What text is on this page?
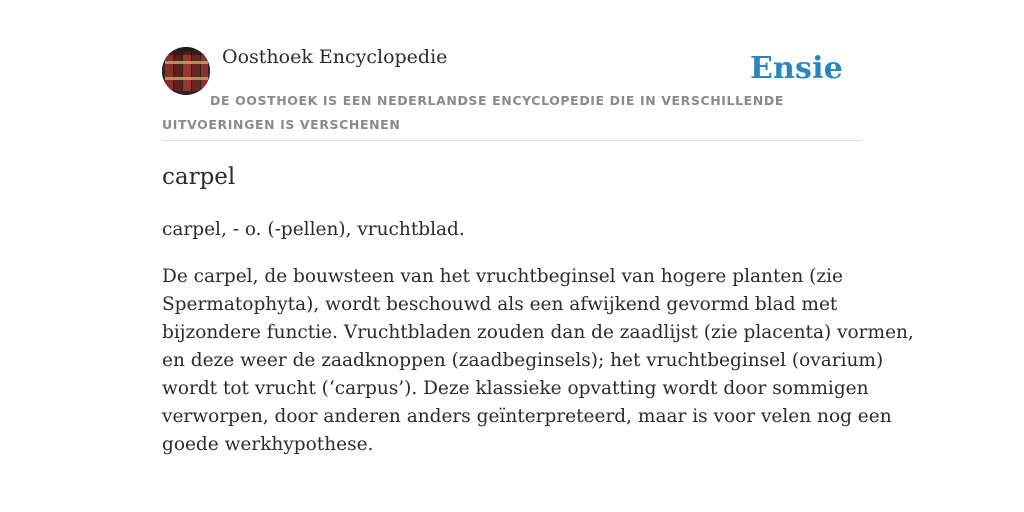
Oosthoek Encyclopedie	Ensie
DE OOSTHOEK IS EEN NEDERLANDSE ENCYCLOPEDIE DIE IN VERSCHILLENDE UITVOERINGEN IS VERSCHENEN
carpel

carpel, - o. (-pellen), vruchtblad.

De carpel, de bouwsteen van het vruchtbeginsel van hogere planten (zie
Spermatophyta), wordt beschouwd als een afwijkend gevormd blad met
bijzondere functie. Vruchtbladen zouden dan de zaadlijst (zie placenta) vormen,
en deze weer de zaadknoppen (zaadbeginsels); het vruchtbeginsel (ovarium)
wordt tot vrucht (‘carpus’). Deze klassieke opvatting wordt door sommigen
verworpen, door anderen anders geïnterpreteerd, maar is voor velen nog een
goede werkhypothese.
